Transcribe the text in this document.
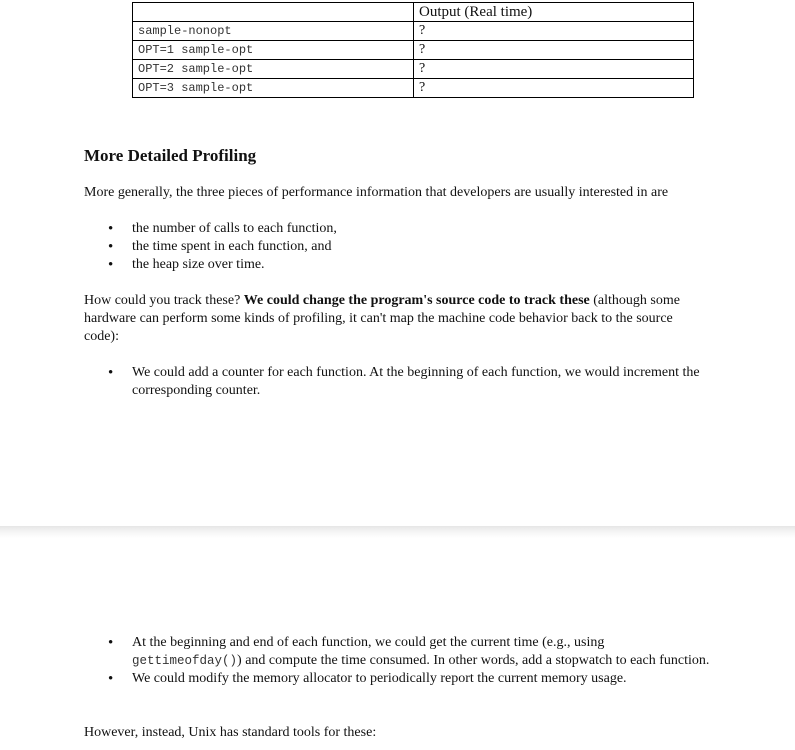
	Output (Real time)
sample-nonopt	?
OPT=1 sample-opt	?
OPT=2 sample-opt	?
OPT=3 sample-opt	?
More Detailed Profiling

More generally, the three pieces of performance information that developers are usually interested in are

• the number of calls to each function,
• the time spent in each function, and
• the heap size over time.

How could you track these? We could change the program's source code to track these (although some hardware can perform some kinds of profiling, it can't map the machine code behavior back to the source code):

• We could add a counter for each function. At the beginning of each function, we would increment the corresponding counter.
• At the beginning and end of each function, we could get the current time (e.g., using gettimeofday()) and compute the time consumed. In other words, add a stopwatch to each function.
• We could modify the memory allocator to periodically report the current memory usage.

However, instead, Unix has standard tools for these:
